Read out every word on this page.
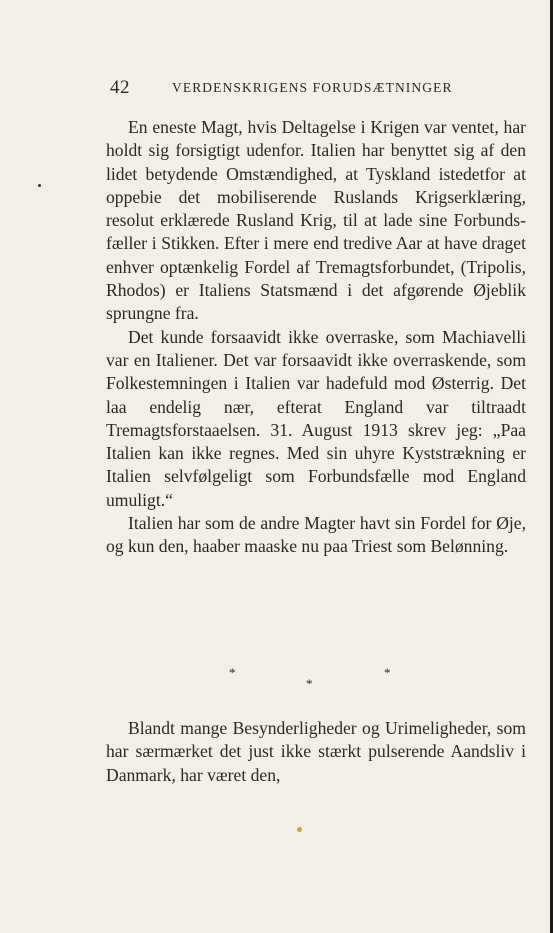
42	VERDENSKRIGENS FORUDSÆTNINGER

En eneste Magt, hvis Deltagelse i Krigen var ventet, har holdt sig forsigtigt udenfor. Italien har benyttet sig af den lidet betydende Omstændighed, at Tyskland istedetfor at oppebie det mobiliserende Ruslands Krigserklæring, resolut erklærede Rusland Krig, til at lade sine Forbundsfæller i Stikken. Efter i mere end tredive Aar at have draget enhver optænkelig Fordel af Tremagtsforbundet, (Tripolis, Rhodos) er Italiens Statsmænd i det afgørende Øjeblik sprungne fra.

Det kunde forsaavidt ikke overraske, som Machiavelli var en Italiener. Det var forsaavidt ikke overraskende, som Folkestemningen i Italien var hadefuld mod Østerrig. Det laa endelig nær, efterat England var tiltraadt Tremagtsforstaaelsen. 31. August 1913 skrev jeg: „Paa Italien kan ikke regnes. Med sin uhyre Kyststrækning er Italien selvfølgeligt som Forbundsfælle mod England umuligt.“

Italien har som de andre Magter havt sin Fordel for Øje, og kun den, haaber maaske nu paa Triest som Belønning.

*	*
*

Blandt mange Besynderligheder og Urimeligheder, som har særmærket det just ikke stærkt pulserende Aandsliv i Danmark, har været den,
